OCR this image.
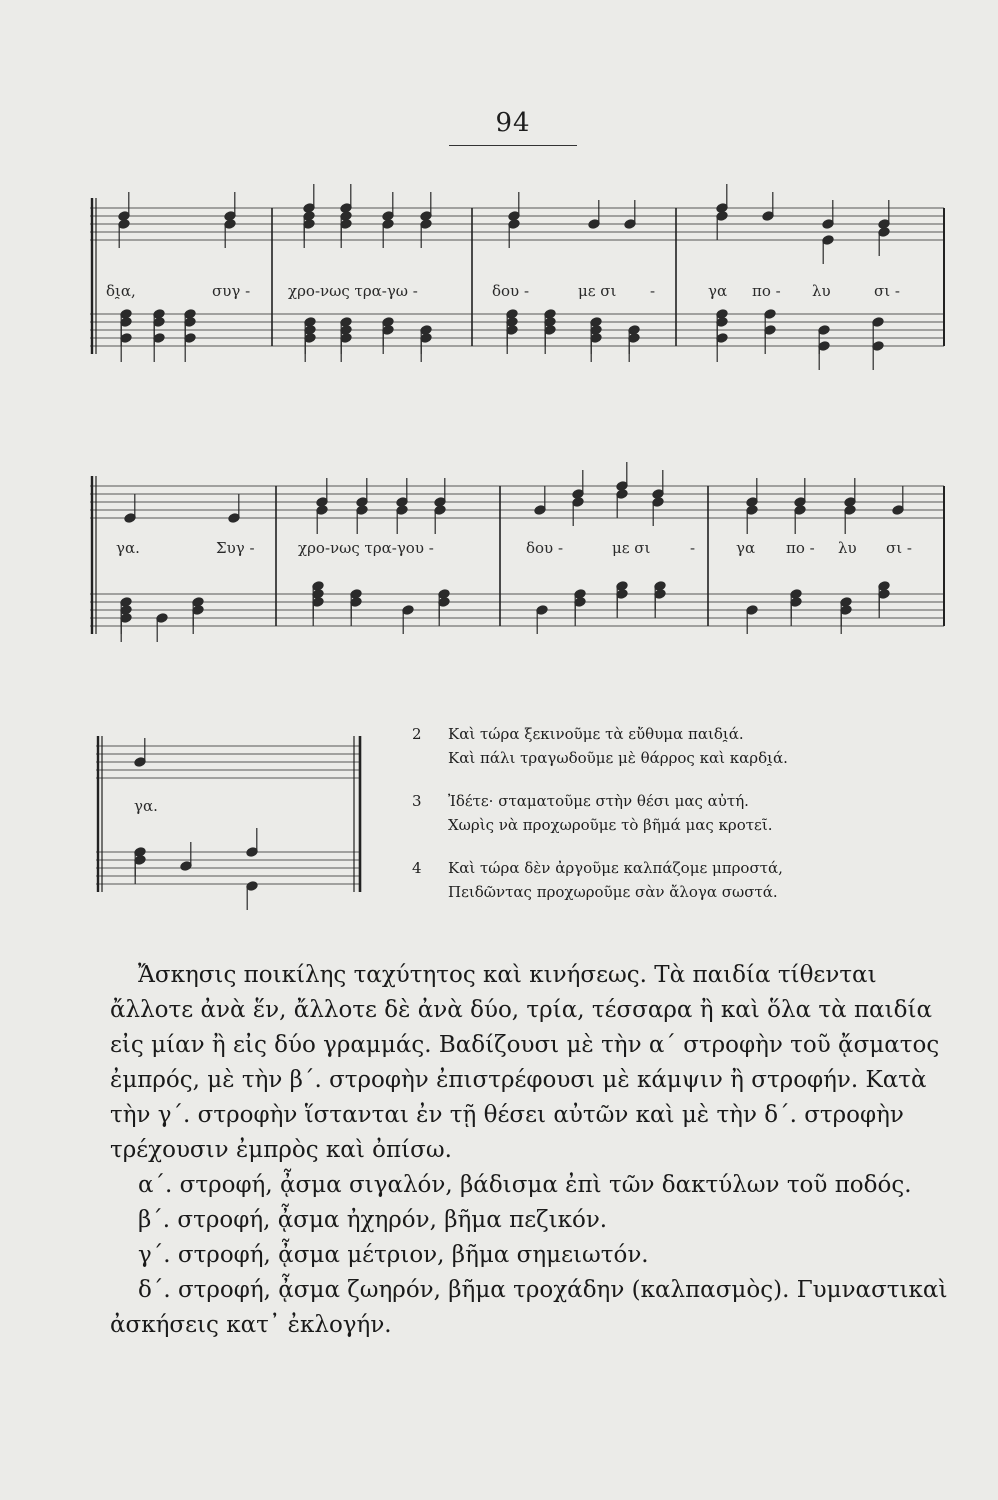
94
δι̯α,	συγ -	χρο-νως τρα-γω -	δου -	με σι -	γα πο - λυ	σι -
γα.	Συγ -	χρο-νως τρα-γου -	δου -	με σι	-	γα πο - λυ σι -
γα.
2 Καὶ τώρα ξεκινοῦμε τὰ εὔθυμα παιδι̯ά.
Καὶ πάλι τραγωδοῦμε μὲ θάρρος καὶ καρδι̯ά.
3 Ἰδέτε· σταματοῦμε στὴν θέσι μας αὐτή.
Χωρὶς νὰ προχωροῦμε τὸ βῆμά μας κροτεῖ.
4 Καὶ τώρα δὲν ἀργοῦμε καλπάζομε μπροστά,
Πειδῶντας προχωροῦμε σὰν ἄλογα σωστά.

Ἄσκησις ποικίλης ταχύτητος καὶ κινήσεως. Τὰ παιδία τίθενται ἄλλοτε ἀνὰ ἕν, ἄλλοτε δὲ ἀνὰ δύο, τρία, τέσσαρα ἢ καὶ ὅλα τὰ παιδία εἰς μίαν ἢ εἰς δύο γραμμάς. Βαδίζουσι μὲ τὴν α΄ στροφὴν τοῦ ᾄσματος ἐμπρός, μὲ τὴν β΄. στροφὴν ἐπιστρέφουσι μὲ κάμψιν ἢ στροφήν. Κατὰ τὴν γ΄. στροφὴν ἵστανται ἐν τῇ θέσει αὐτῶν καὶ μὲ τὴν δ΄. στροφὴν τρέχουσιν ἐμπρὸς καὶ ὀπίσω.

α΄. στροφή, ᾆσμα σιγαλόν, βάδισμα ἐπὶ τῶν δακτύλων τοῦ ποδός.

β΄. στροφή, ᾆσμα ἠχηρόν, βῆμα πεζικόν.

γ΄. στροφή, ᾆσμα μέτριον, βῆμα σημειωτόν.

δ΄. στροφή, ᾆσμα ζωηρόν, βῆμα τροχάδην (καλπασμὸς). Γυμναστικαὶ ἀσκήσεις κατ᾽ ἐκλογήν.
